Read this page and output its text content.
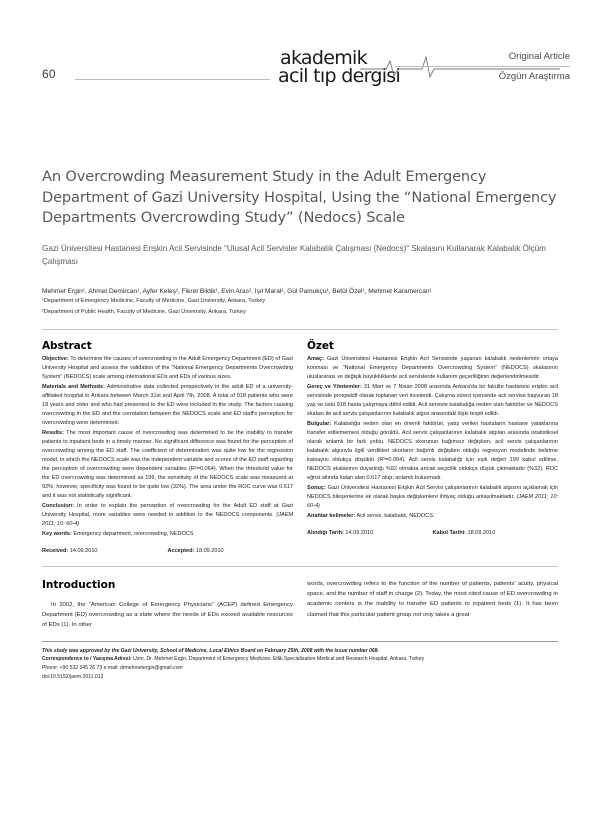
60
akademik
acil tıp dergisi
Original Article
Özgün Araştırma
An Overcrowding Measurement Study in the Adult Emergency Department of Gazi University Hospital, Using the “National Emergency Departments Overcrowding Study” (Nedocs) Scale

Gazi Üniversitesi Hastanesi Erişkin Acil Servisinde “Ulusal Acil Servisler Kalabalık Çalışması (Nedocs)” Skalasını Kullanarak Kalabalık Ölçüm Çalışması

Mehmet Ergin¹, Ahmet Demircan¹, Ayfer Keleş¹, Fikret Bildik¹, Evin Aras², Işıl Maral², Gül Pamukçu¹, Betül Özel¹, Mehmet Karamercan¹

¹Department of Emergency Medicine, Faculty of Medicine, Gazi University, Ankara, Turkey

²Department of Public Health, Faculty of Medicine, Gazi University, Ankara, Turkey

Abstract

Objective: To determine the causes of overcrowding in the Adult Emergency Department (ED) of Gazi University Hospital and assess the validation of the “National Emergency Departments Overcrowding System” (NEDOCS) scale among international EDs and EDs of various sizes.

Materials and Methods: Administrative data collected prospectively in the adult ED of a university-affiliated hospital in Ankara between March 31st and April 7th, 2008. A total of 918 patients who were 18 years and older and who had presented to the ED were included in the study. The factors causing overcrowding in the ED and the correlation between the NEDOCS scale and ED staff's perception for overcrowding were determined.

Results: The most important cause of overcrowding was determined to be the inability to transfer patients to inpatient beds in a timely manner. No significant difference was found for the perception of overcrowding among the ED staff. The coefficient of determination was quite low for the regression model, in which the NEDOCS scale was the independent variable and scores of the ED staff regarding the perception of overcrowding were dependent variables (R²=0.064). When the threshold value for the ED overcrowding was determined as 199, the sensitivity of the NEDOCS scale was measured at 92%; however, specificity was found to be quite low (32%). The area under the ROC curve was 0.617 and it was not statistically significant.

Conclusion: In order to explain the perception of overcrowding for the Adult ED staff at Gazi University Hospital, more variables were needed in addition to the NEDOCS components. (JAEM 2011; 10: 60-4)

Key words: Emergency department, overcrowding, NEDOCS

Received: 14.09.2010	Accepted: 18.09.2010
Özet

Amaç: Gazi Üniversitesi Hastanesi Erişkin Acil Servisinde yaşanan kalabalık nedenlerinin ortaya konması ve “National Emergency Departments Overcrowding System” (NEDOCS) skalasının uluslararası ve değişik büyüklüklerde acil servislerde kullanım geçerliliğinin değerlendirilmesidir.

Gereç ve Yöntemler: 31 Mart ve 7 Nisan 2008 arasında Ankara'da bir fakülte hastanesi erişkin acil servisinde prospektif olarak toplanan veri incelendi. Çalışma süreci içerisinde acil servise başvuran 18 yaş ve üstü 918 hasta çalışmaya dâhil edildi. Acil serviste kalabalığa neden olan faktörler ve NEDOCS skalası ile acil servis çalışanlarının kalabalık algısı arasındaki ilişki tespit edildi.

Bulgular: Kalabalığa neden olan en önemli faktörün, yatış verilen hastaların hastane yataklarına transfer edilememesi olduğu görüldü. Acil servis çalışanlarının kalabalık algıları arasında istatistiksel olarak anlamlı bir fark yoktu. NEDOCS skorunun bağımsız değişken, acil servis çalışanlarının kalabalık algısıyla ilgili verdikleri skorların bağımlı değişken olduğu regresyon modelinde belirtme katsayısı oldukça düşüktü (R²=0.064). Acil servis kalabalığı için eşik değeri 199 kabul edilirse, NEDOCS skalasının duyarlılığı %92 olmakta ancak seçicilik oldukça düşük çıkmaktadır (%32). ROC eğrisi altında kalan alan 0.617 olup; anlamlı bulunmadı.

Sonuç: Gazi Üniversitesi Hastanesi Erişkin Acil Servisi çalışanlarının kalabalık algısını açıklamak için NEDOCS bileşenlerine ek olarak başka değişkenlere ihtiyaç olduğu anlaşılmaktadır. (JAEM 2011; 10: 60-4)

Anahtar kelimeler: Acil servis, kalabalık, NEDOCS.

Alındığı Tarih: 14.09.2010	Kabul Tarihi: 18.09.2010
Introduction

In 2002, the “American College of Emergency Physicians” (ACEP) defined Emergency Department (ED) overcrowding as a state where the needs of EDs exceed available resources of EDs (1). In other

words, overcrowding refers to the function of the number of patients, patients' acuity, physical space, and the number of staff in charge (2). Today, the most cited cause of ED overcrowding in academic centers is the inability to transfer ED patients to inpatient beds (1). It has been claimed that this particular patient group not only takes a great

This study was approved by the Gazi University, School of Medicine, Local Ethics Board on February 25th, 2008 with the issue number 069.

Correspondence to / Yazışma Adresi: Uzm. Dr. Mehmet Ergin, Department of Emergency Medicine, Etlik Specialization Medical and Research Hospital, Ankara, Turkey

Phone: +90 532 345 26 73 e.mail: drmehmetergin@gmail.com

doi:10.5152/jaem.2011.013
